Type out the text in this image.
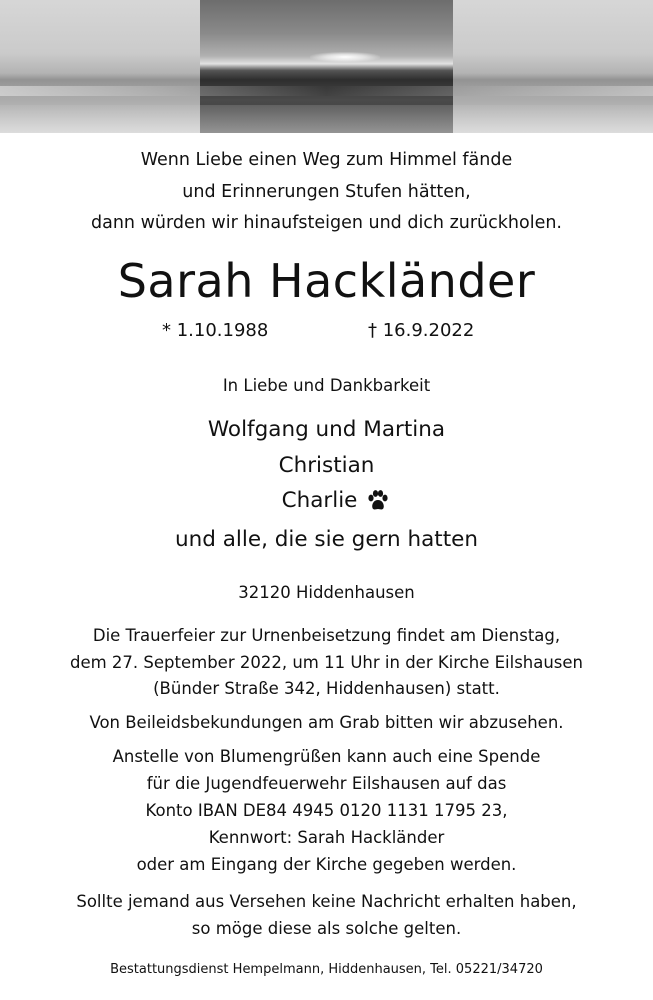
Wenn Liebe einen Weg zum Himmel fände
und Erinnerungen Stufen hätten,
dann würden wir hinaufsteigen und dich zurückholen.
Sarah Hackländer
* 1.10.1988	† 16.9.2022
In Liebe und Dankbarkeit
Wolfgang und Martina
Christian
Charlie
und alle, die sie gern hatten
32120 Hiddenhausen
Die Trauerfeier zur Urnenbeisetzung findet am Dienstag,
dem 27. September 2022, um 11 Uhr in der Kirche Eilshausen
(Bünder Straße 342, Hiddenhausen) statt.
Von Beileidsbekundungen am Grab bitten wir abzusehen.
Anstelle von Blumengrüßen kann auch eine Spende
für die Jugendfeuerwehr Eilshausen auf das
Konto IBAN DE84 4945 0120 1131 1795 23,
Kennwort: Sarah Hackländer
oder am Eingang der Kirche gegeben werden.
Sollte jemand aus Versehen keine Nachricht erhalten haben,
so möge diese als solche gelten.
Bestattungsdienst Hempelmann, Hiddenhausen, Tel. 05221/34720
